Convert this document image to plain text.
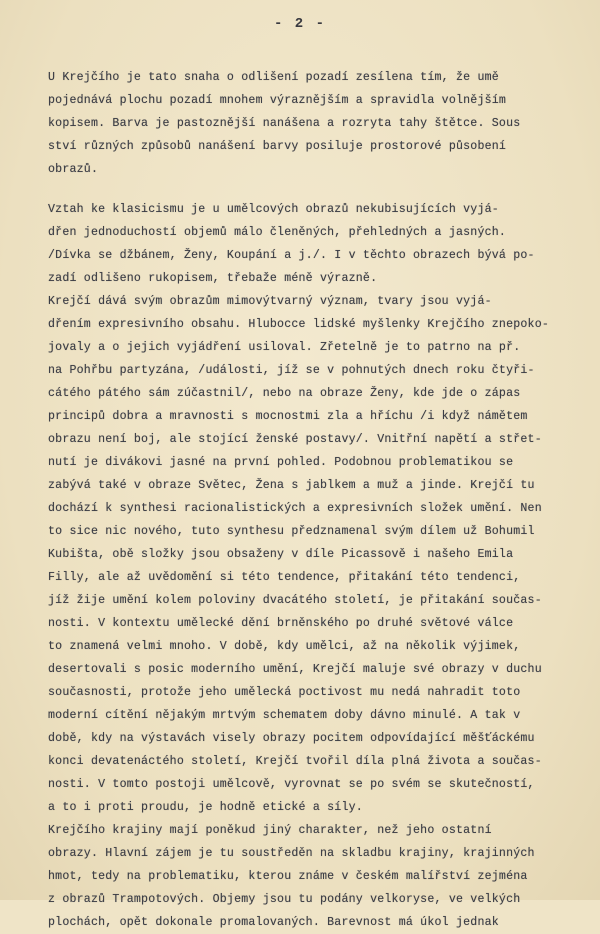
- 2 -
U Krejčího je tato snaha o odlišení pozadí zesílena tím, že umě
pojednává plochu pozadí mnohem výraznějším a spravidla volnějším
kopisem. Barva je pastoznější nanášena a rozryta tahy štětce. Sous
ství různých způsobů nanášení barvy posiluje prostorové působení
obrazů.
Vztah ke klasicismu je u umělcových obrazů nekubisujících vyjá-
dřen jednoduchostí objemů málo členěných, přehledných a jasných.
/Dívka se džbánem, Ženy, Koupání a j./. I v těchto obrazech bývá po-
zadí odlišeno rukopisem, třebaže méně výrazně.
Krejčí dává svým obrazům mimovýtvarný význam, tvary jsou vyjá-
dřením expresivního obsahu. Hlubocce lidské myšlenky Krejčího znepoko-
jovaly a o jejich vyjádření usiloval. Zřetelně je to patrno na př.
na Pohřbu partyzána, /události, jíž se v pohnutých dnech roku čtyři-
cátého pátého sám zúčastnil/, nebo na obraze Ženy, kde jde o zápas
principů dobra a mravnosti s mocnostmi zla a hříchu /i když námětem
obrazu není boj, ale stojící ženské postavy/. Vnitřní napětí a střet-
nutí je divákovi jasné na první pohled. Podobnou problematikou se
zabývá také v obraze Světec, Žena s jablkem a muž a jinde. Krejčí tu
dochází k synthesi racionalistických a expresivních složek umění. Nen
to sice nic nového, tuto synthesu předznamenal svým dílem už Bohumil
Kubišta, obě složky jsou obsaženy v díle Picassově i našeho Emila
Filly, ale až uvědomění si této tendence, přitakání této tendenci,
jíž žije umění kolem poloviny dvacátého století, je přitakání součas-
nosti. V kontextu umělecké dění brněnského po druhé světové válce
to znamená velmi mnoho. V době, kdy umělci, až na několik výjimek,
desertovali s posic moderního umění, Krejčí maluje své obrazy v duchu
současnosti, protože jeho umělecká poctivost mu nedá nahradit toto
moderní cítění nějakým mrtvým schematem doby dávno minulé. A tak v
době, kdy na výstavách visely obrazy pocitem odpovídající měšťáckému
konci devatenáctého století, Krejčí tvořil díla plná života a součas-
nosti. V tomto postoji umělcově, vyrovnat se po svém se skutečností,
a to i proti proudu, je hodně etické a síly.
Krejčího krajiny mají poněkud jiný charakter, než jeho ostatní
obrazy. Hlavní zájem je tu soustředěn na skladbu krajiny, krajinných
hmot, tedy na problematiku, kterou známe v českém malířství zejména
z obrazů Trampotových. Objemy jsou tu podány velkoryse, ve velkých
plochách, opět dokonale promalovaných. Barevnost má úkol jednak
